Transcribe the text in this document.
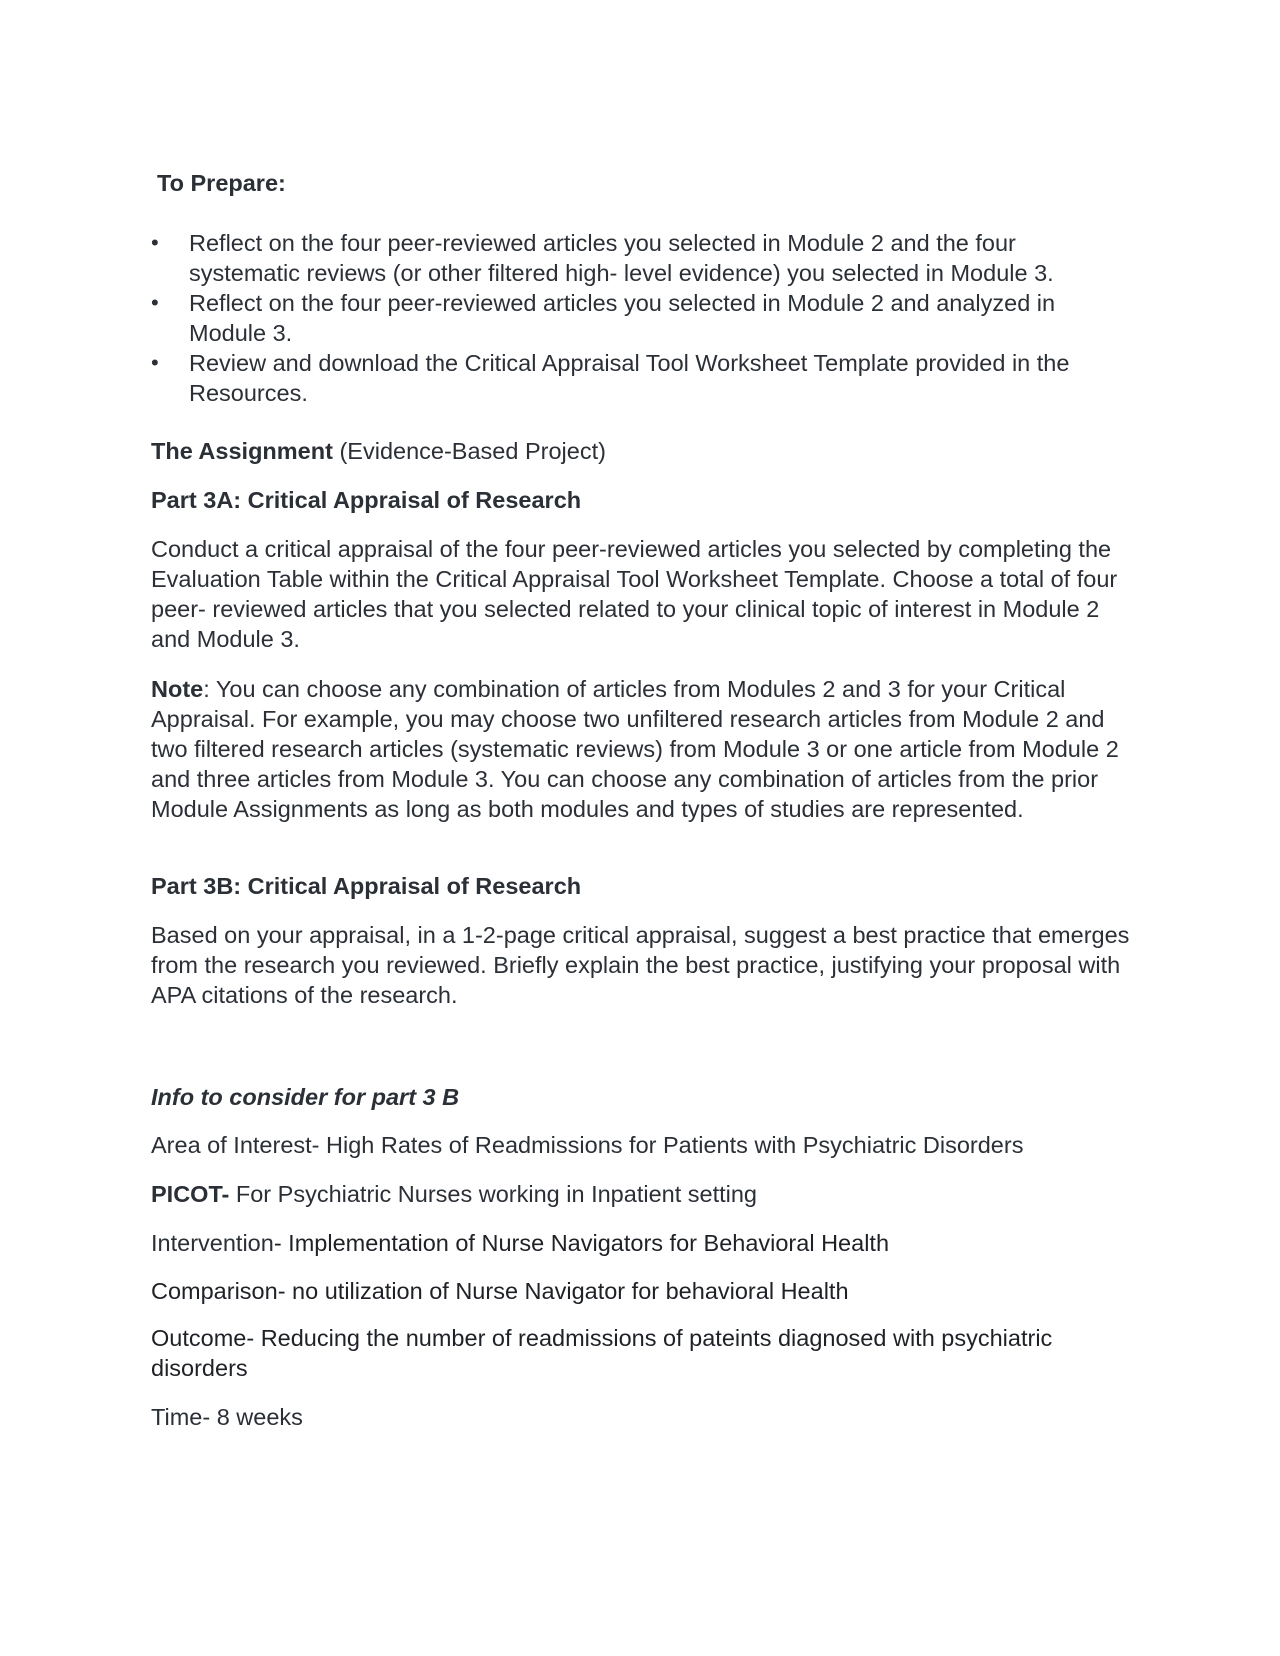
To Prepare:
• Reflect on the four peer-reviewed articles you selected in Module 2 and the four systematic reviews (or other filtered high- level evidence) you selected in Module 3.
• Reflect on the four peer-reviewed articles you selected in Module 2 and analyzed in Module 3.
• Review and download the Critical Appraisal Tool Worksheet Template provided in the Resources.
The Assignment (Evidence-Based Project)
Part 3A: Critical Appraisal of Research
Conduct a critical appraisal of the four peer-reviewed articles you selected by completing the Evaluation Table within the Critical Appraisal Tool Worksheet Template. Choose a total of four peer- reviewed articles that you selected related to your clinical topic of interest in Module 2 and Module 3.
Note: You can choose any combination of articles from Modules 2 and 3 for your Critical Appraisal. For example, you may choose two unfiltered research articles from Module 2 and two filtered research articles (systematic reviews) from Module 3 or one article from Module 2 and three articles from Module 3. You can choose any combination of articles from the prior Module Assignments as long as both modules and types of studies are represented.
Part 3B: Critical Appraisal of Research
Based on your appraisal, in a 1-2-page critical appraisal, suggest a best practice that emerges from the research you reviewed. Briefly explain the best practice, justifying your proposal with APA citations of the research.
Info to consider for part 3 B
Area of Interest- High Rates of Readmissions for Patients with Psychiatric Disorders
PICOT- For Psychiatric Nurses working in Inpatient setting
Intervention- Implementation of Nurse Navigators for Behavioral Health
Comparison- no utilization of Nurse Navigator for behavioral Health
Outcome- Reducing the number of readmissions of pateints diagnosed with psychiatric disorders
Time- 8 weeks
